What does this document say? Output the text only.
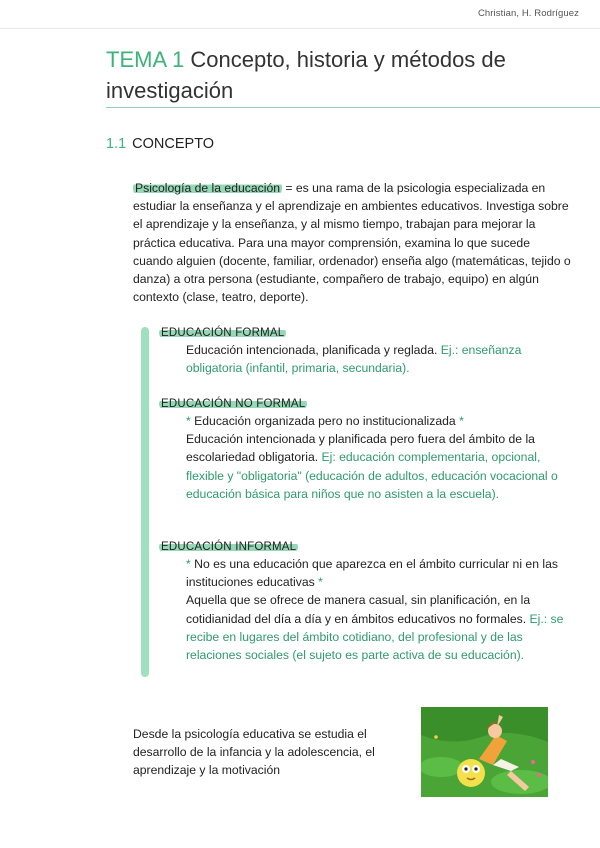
Christian, H. Rodríguez
TEMA 1 Concepto, historia y métodos de investigación
1.1 CONCEPTO

Psicología de la educación = es una rama de la psicologia especializada en estudiar la enseñanza y el aprendizaje en ambientes educativos. Investiga sobre el aprendizaje y la enseñanza, y al mismo tiempo, trabajan para mejorar la práctica educativa. Para una mayor comprensión, examina lo que sucede cuando alguien (docente, familiar, ordenador) enseña algo (matemáticas, tejido o danza) a otra persona (estudiante, compañero de trabajo, equipo) en algún contexto (clase, teatro, deporte).

EDUCACIÓN FORMAL
Educación intencionada, planificada y reglada. Ej.: enseñanza obligatoria (infantil, primaria, secundaria).
EDUCACIÓN NO FORMAL
* Educación organizada pero no institucionalizada *
Educación intencionada y planificada pero fuera del ámbito de la escolariedad obligatoria. Ej: educación complementaria, opcional, flexible y "obligatoria" (educación de adultos, educación vocacional o educación básica para niños que no asisten a la escuela).
EDUCACIÓN INFORMAL
* No es una educación que aparezca en el ámbito curricular ni en las instituciones educativas *
Aquella que se ofrece de manera casual, sin planificación, en la cotidianidad del día a día y en ámbitos educativos no formales. Ej.: se recibe en lugares del ámbito cotidiano, del profesional y de las relaciones sociales (el sujeto es parte activa de su educación).

Desde la psicología educativa se estudia el desarrollo de la infancia y la adolescencia, el aprendizaje y la motivación
